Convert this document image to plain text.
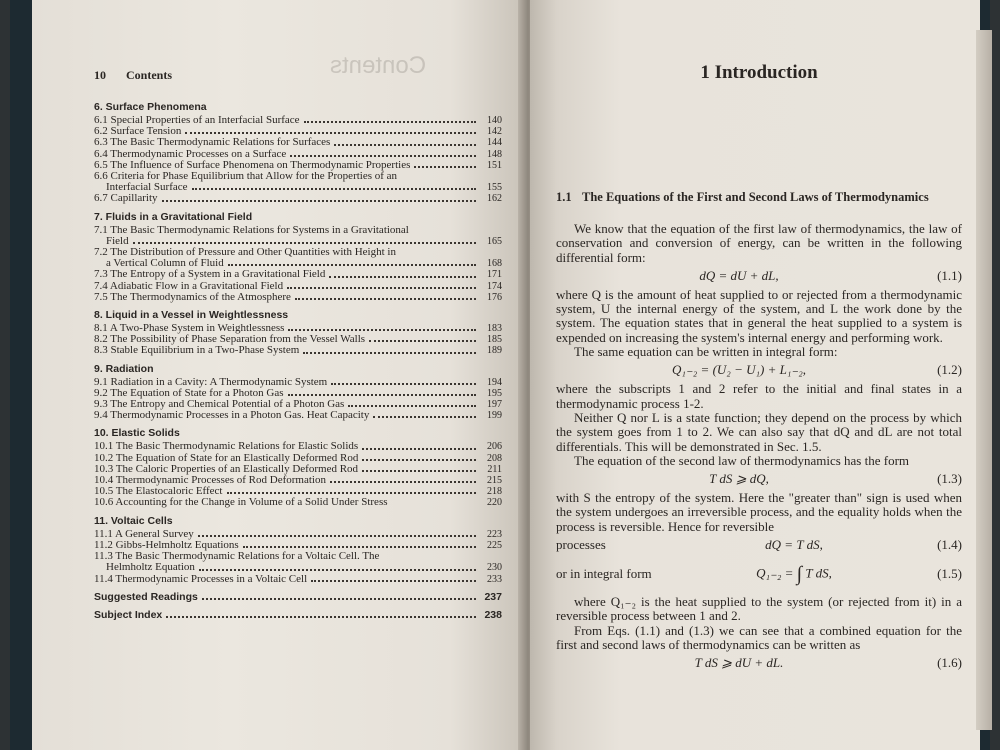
Contents
10 Contents
6. Surface Phenomena
6.1 Special Properties of an Interfacial Surface	140
6.2 Surface Tension	142
6.3 The Basic Thermodynamic Relations for Surfaces	144
6.4 Thermodynamic Processes on a Surface	148
6.5 The Influence of Surface Phenomena on Thermodynamic Properties	151
6.6 Criteria for Phase Equilibrium that Allow for the Properties of an
Interfacial Surface	155
6.7 Capillarity	162
7. Fluids in a Gravitational Field
7.1 The Basic Thermodynamic Relations for Systems in a Gravitational
Field	165
7.2 The Distribution of Pressure and Other Quantities with Height in
a Vertical Column of Fluid	168
7.3 The Entropy of a System in a Gravitational Field	171
7.4 Adiabatic Flow in a Gravitational Field	174
7.5 The Thermodynamics of the Atmosphere	176
8. Liquid in a Vessel in Weightlessness
8.1 A Two-Phase System in Weightlessness	183
8.2 The Possibility of Phase Separation from the Vessel Walls	185
8.3 Stable Equilibrium in a Two-Phase System	189
9. Radiation
9.1 Radiation in a Cavity: A Thermodynamic System	194
9.2 The Equation of State for a Photon Gas	195
9.3 The Entropy and Chemical Potential of a Photon Gas	197
9.4 Thermodynamic Processes in a Photon Gas. Heat Capacity	199
10. Elastic Solids
10.1 The Basic Thermodynamic Relations for Elastic Solids	206
10.2 The Equation of State for an Elastically Deformed Rod	208
10.3 The Caloric Properties of an Elastically Deformed Rod	211
10.4 Thermodynamic Processes of Rod Deformation	215
10.5 The Elastocaloric Effect	218
10.6 Accounting for the Change in Volume of a Solid Under Stress	220
11. Voltaic Cells
11.1 A General Survey	223
11.2 Gibbs-Helmholtz Equations	225
11.3 The Basic Thermodynamic Relations for a Voltaic Cell. The
Helmholtz Equation	230
11.4 Thermodynamic Processes in a Voltaic Cell	233
Suggested Readings	237
Subject Index	238
1 Introduction
1.1 The Equations of the First and Second Laws of Thermodynamics

We know that the equation of the first law of thermodynamics, the law of conservation and conversion of energy, can be written in the following differential form:

dQ = dU + dL,	(1.1)

where Q is the amount of heat supplied to or rejected from a thermodynamic system, U the internal energy of the system, and L the work done by the system. The equation states that in general the heat supplied to a system is expended on increasing the system's internal energy and performing work.

The same equation can be written in integral form:

Q₁₋₂ = (U₂ − U₁) + L₁₋₂,	(1.2)

where the subscripts 1 and 2 refer to the initial and final states in a thermodynamic process 1-2.

Neither Q nor L is a state function; they depend on the process by which the system goes from 1 to 2. We can also say that dQ and dL are not total differentials. This will be demonstrated in Sec. 1.5.

The equation of the second law of thermodynamics has the form

T dS ⩾ dQ,	(1.3)

with S the entropy of the system. Here the "greater than" sign is used when the system undergoes an irreversible process, and the equality holds when the process is reversible. Hence for reversible

processes	dQ = T dS,	(1.4)
or in integral form	Q₁₋₂ = ∫ T dS,	(1.5)

where Q₁₋₂ is the heat supplied to the system (or rejected from it) in a reversible process between 1 and 2.

From Eqs. (1.1) and (1.3) we can see that a combined equation for the first and second laws of thermodynamics can be written as

T dS ⩾ dU + dL.	(1.6)
